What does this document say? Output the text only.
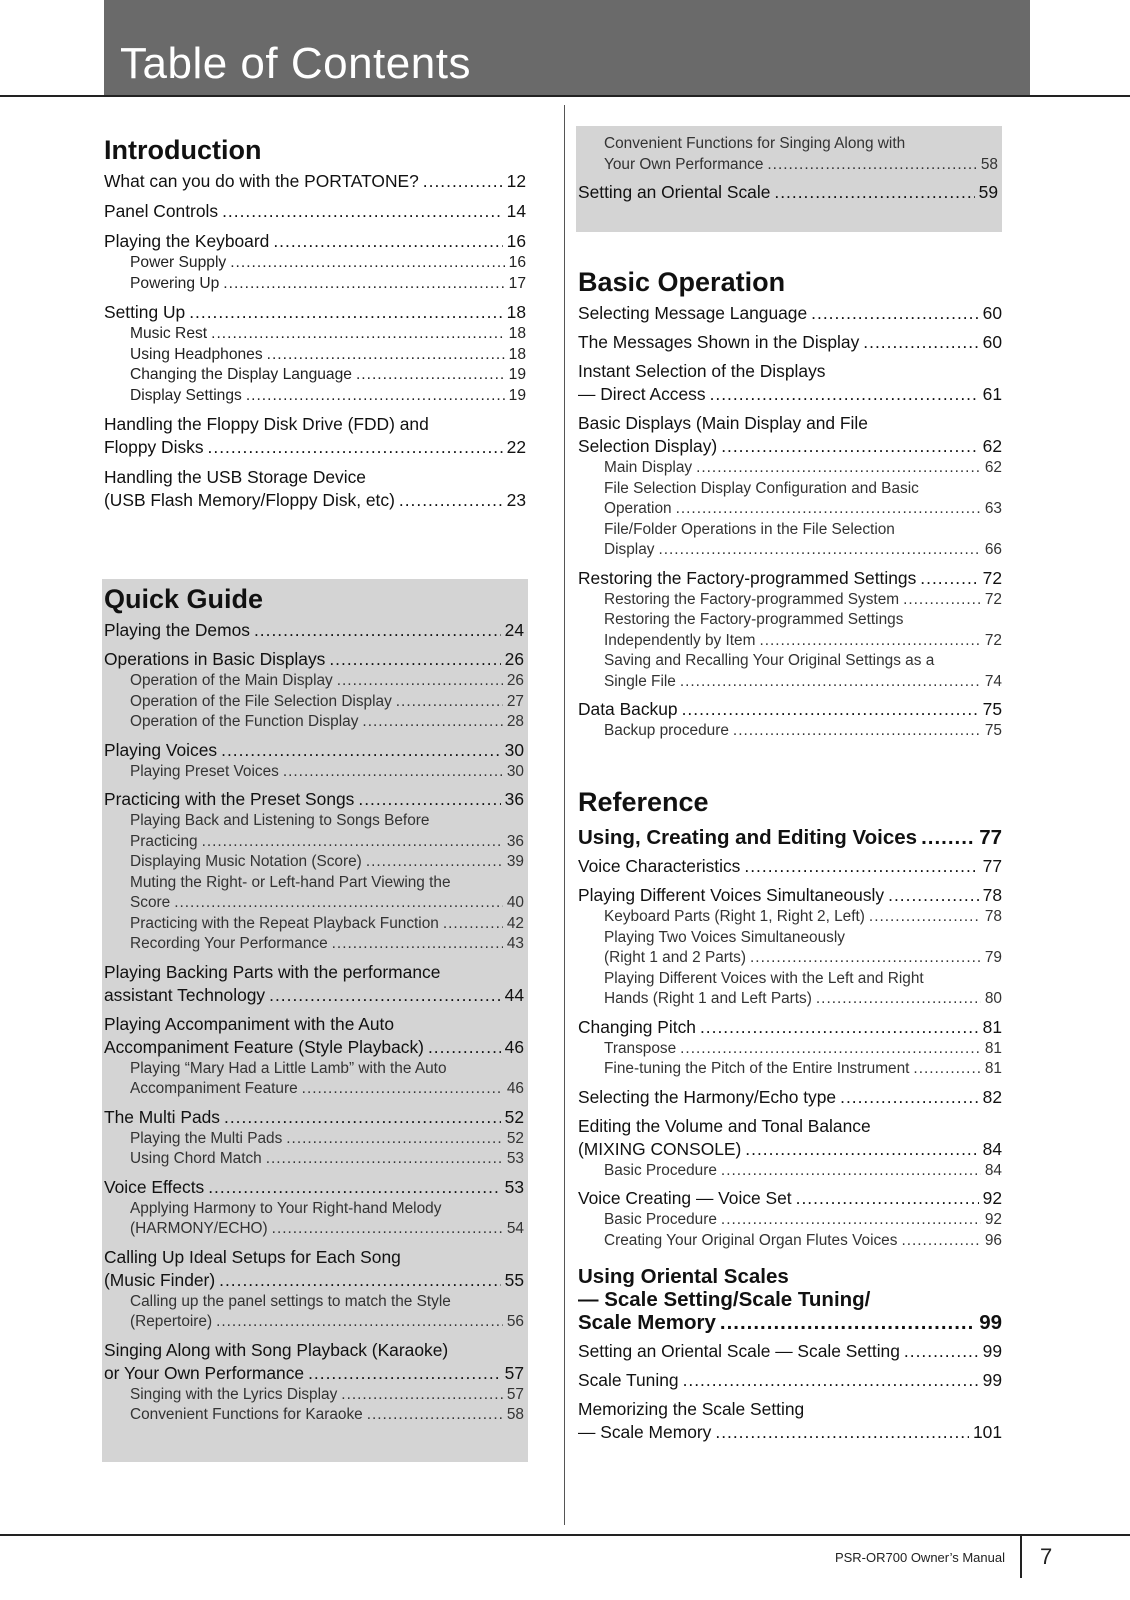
Table of Contents
Introduction
What can you do with the PORTATONE? .....	12
Panel Controls .....	14
Playing the Keyboard .....	16
Power Supply .....	16
Powering Up .....	17
Setting Up .....	18
Music Rest .....	18
Using Headphones .....	18
Changing the Display Language .....	19
Display Settings .....	19
Handling the Floppy Disk Drive (FDD) and
Floppy Disks .....	22
Handling the USB Storage Device
(USB Flash Memory/Floppy Disk, etc) .....	23
Quick Guide
Playing the Demos .....	24
Operations in Basic Displays .....	26
Operation of the Main Display .....	26
Operation of the File Selection Display .....	27
Operation of the Function Display .....	28
Playing Voices .....	30
Playing Preset Voices .....	30
Practicing with the Preset Songs .....	36
Playing Back and Listening to Songs Before
Practicing .....	36
Displaying Music Notation (Score) .....	39
Muting the Right- or Left-hand Part Viewing the
Score .....	40
Practicing with the Repeat Playback Function .....	42
Recording Your Performance .....	43
Playing Backing Parts with the performance
assistant Technology .....	44
Playing Accompaniment with the Auto
Accompaniment Feature (Style Playback) .....	46
Playing “Mary Had a Little Lamb” with the Auto
Accompaniment Feature .....	46
The Multi Pads .....	52
Playing the Multi Pads .....	52
Using Chord Match .....	53
Voice Effects .....	53
Applying Harmony to Your Right-hand Melody
(HARMONY/ECHO) .....	54
Calling Up Ideal Setups for Each Song
(Music Finder) .....	55
Calling up the panel settings to match the Style
(Repertoire) .....	56
Singing Along with Song Playback (Karaoke)
or Your Own Performance .....	57
Singing with the Lyrics Display .....	57
Convenient Functions for Karaoke .....	58
Convenient Functions for Singing Along with
Your Own Performance .....	58
Setting an Oriental Scale .....	59
Basic Operation
Selecting Message Language .....	60
The Messages Shown in the Display .....	60
Instant Selection of the Displays
— Direct Access .....	61
Basic Displays (Main Display and File
Selection Display) .....	62
Main Display .....	62
File Selection Display Configuration and Basic
Operation .....	63
File/Folder Operations in the File Selection
Display .....	66
Restoring the Factory-programmed Settings .....	72
Restoring the Factory-programmed System .....	72
Restoring the Factory-programmed Settings
Independently by Item .....	72
Saving and Recalling Your Original Settings as a
Single File .....	74
Data Backup .....	75
Backup procedure .....	75
Reference
Using, Creating and Editing Voices .....	77
Voice Characteristics .....	77
Playing Different Voices Simultaneously .....	78
Keyboard Parts (Right 1, Right 2, Left) .....	78
Playing Two Voices Simultaneously
(Right 1 and 2 Parts) .....	79
Playing Different Voices with the Left and Right
Hands (Right 1 and Left Parts) .....	80
Changing Pitch .....	81
Transpose .....	81
Fine-tuning the Pitch of the Entire Instrument .....	81
Selecting the Harmony/Echo type .....	82
Editing the Volume and Tonal Balance
(MIXING CONSOLE) .....	84
Basic Procedure .....	84
Voice Creating — Voice Set .....	92
Basic Procedure .....	92
Creating Your Original Organ Flutes Voices .....	96
Using Oriental Scales
— Scale Setting/Scale Tuning/
Scale Memory .....	99
Setting an Oriental Scale — Scale Setting .....	99
Scale Tuning .....	99
Memorizing the Scale Setting
— Scale Memory .....	101
PSR-OR700 Owner’s Manual 7
